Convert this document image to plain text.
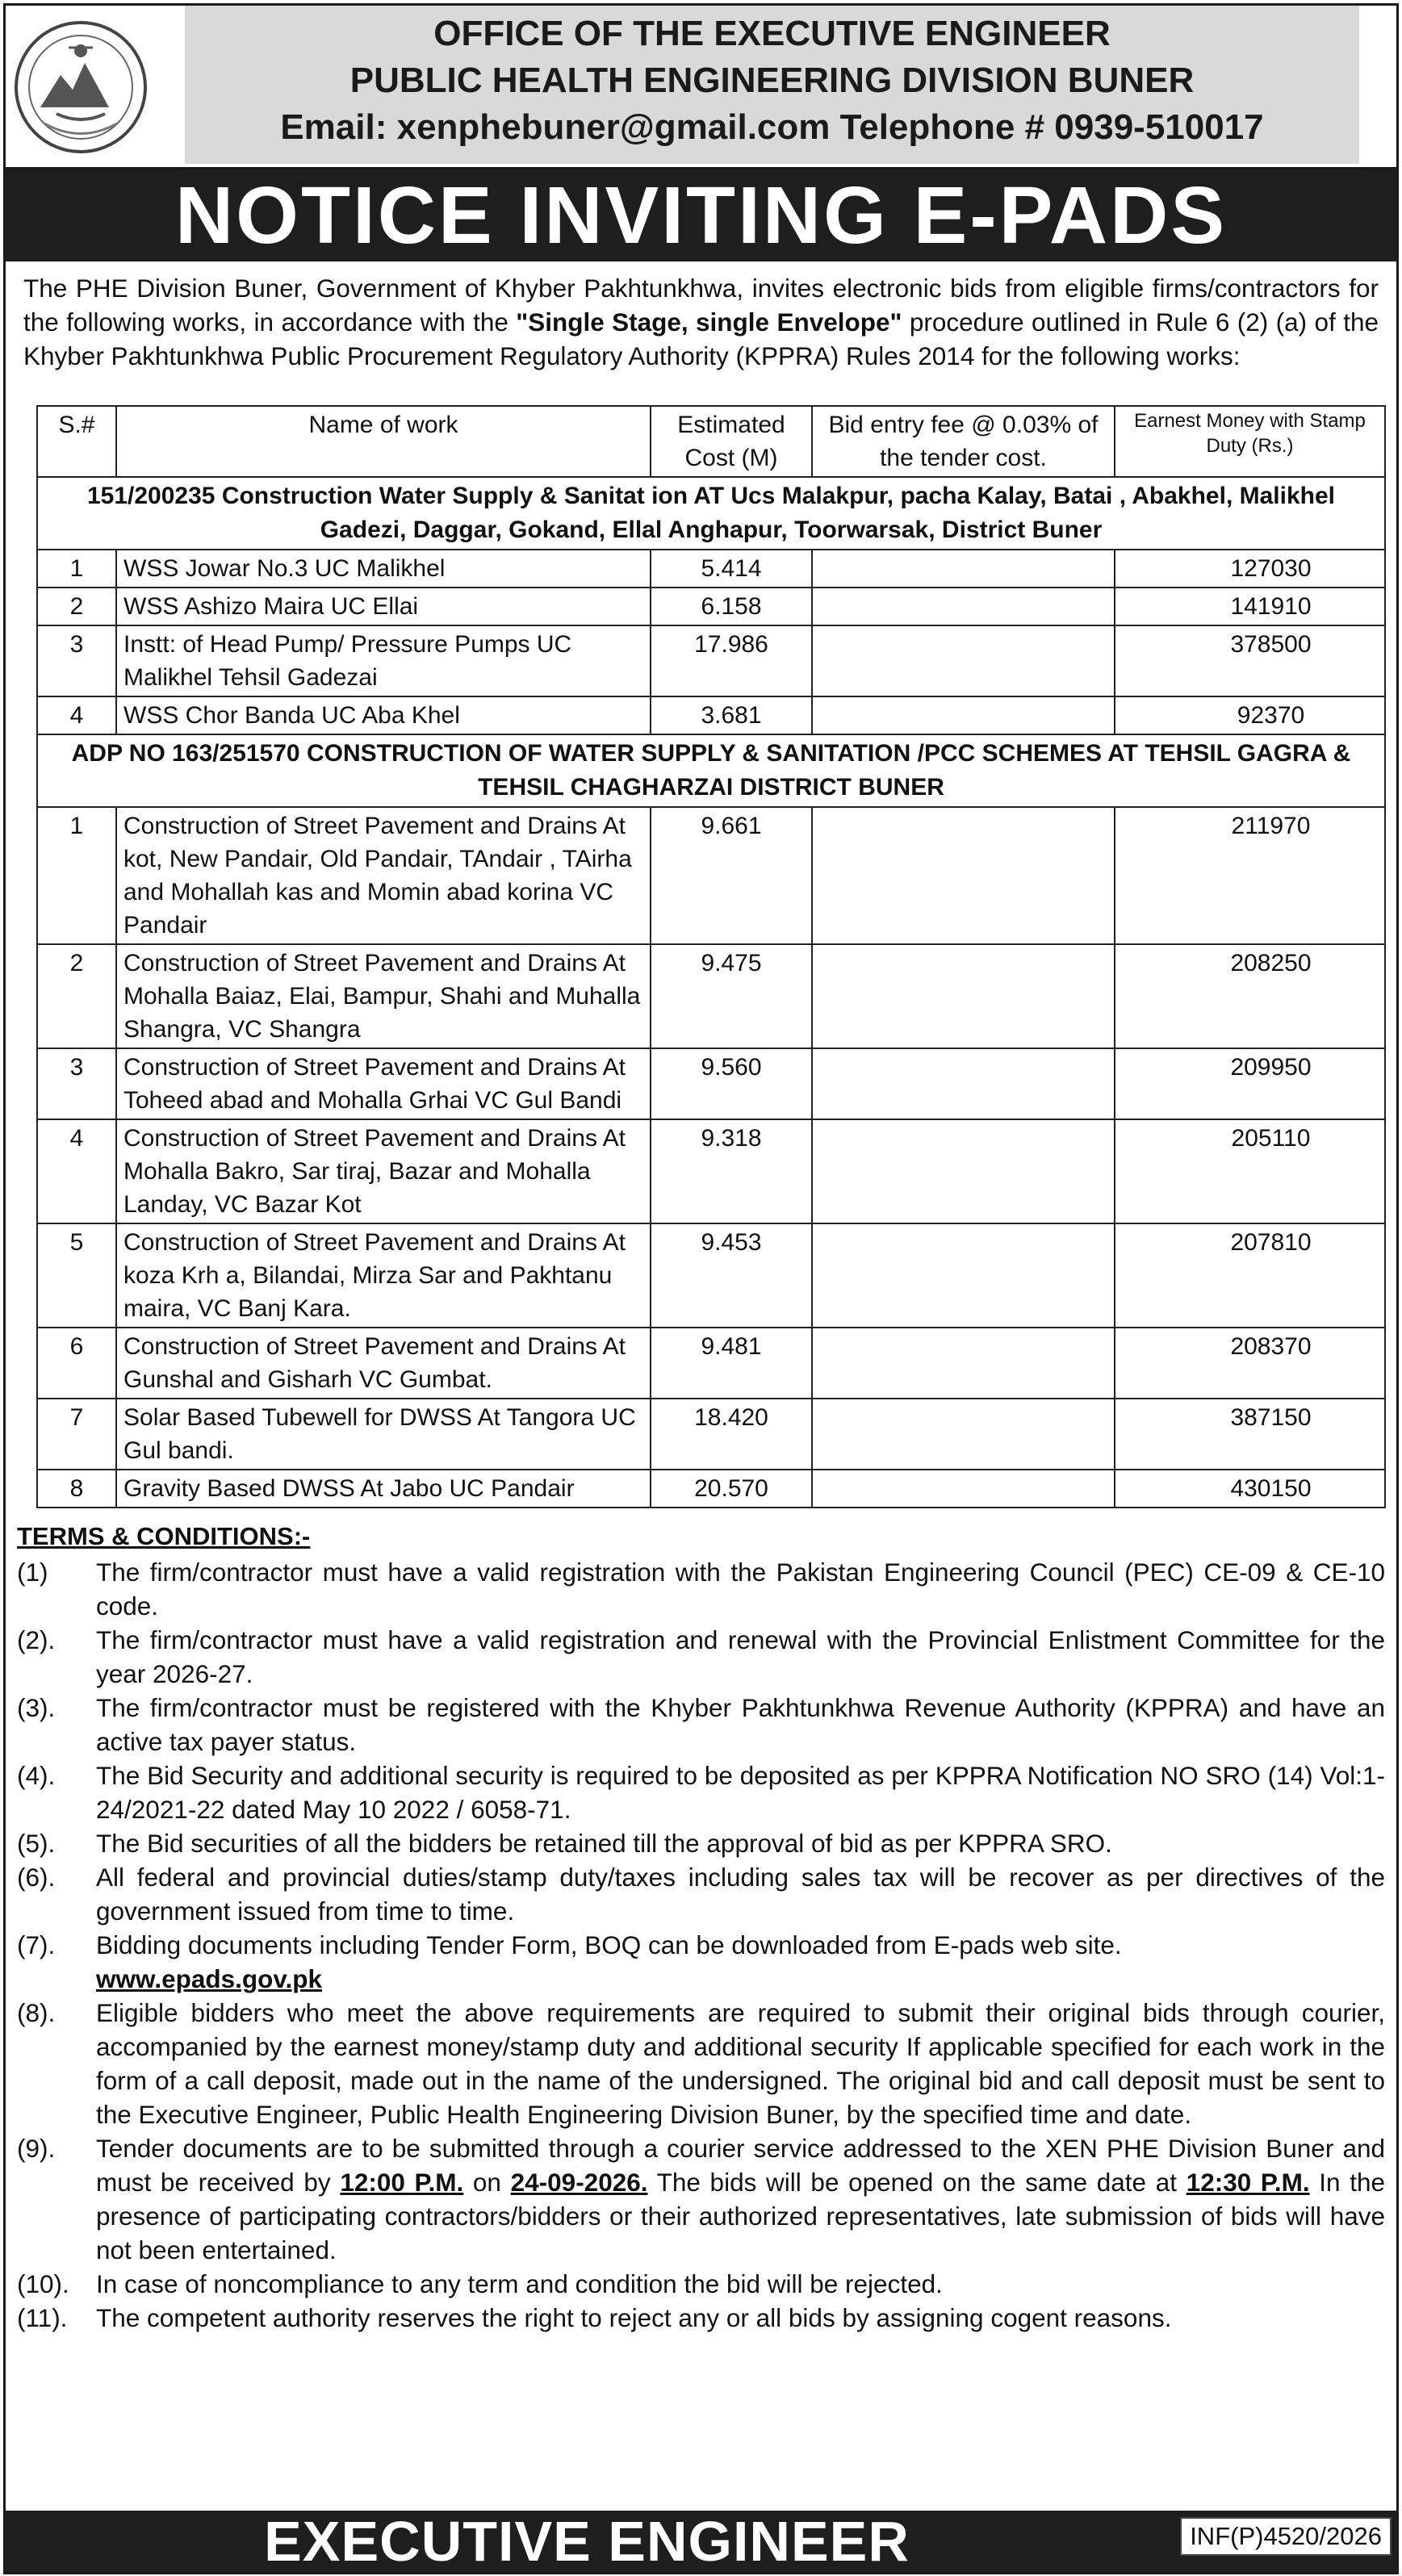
OFFICE OF THE EXECUTIVE ENGINEER
PUBLIC HEALTH ENGINEERING DIVISION BUNER
Email: xenphebuner@gmail.com Telephone # 0939-510017
NOTICE INVITING E-PADS
The PHE Division Buner, Government of Khyber Pakhtunkhwa, invites electronic bids from eligible firms/contractors for the following works, in accordance with the "Single Stage, single Envelope" procedure outlined in Rule 6 (2) (a) of the Khyber Pakhtunkhwa Public Procurement Regulatory Authority (KPPRA) Rules 2014 for the following works:
S.#	Name of work	Estimated Cost (M)	Bid entry fee @ 0.03% of the tender cost.	Earnest Money with Stamp Duty (Rs.)
151/200235 Construction Water Supply & Sanitat ion AT Ucs Malakpur, pacha Kalay, Batai , Abakhel, Malikhel Gadezi, Daggar, Gokand, Ellal Anghapur, Toorwarsak, District Buner				
1	WSS Jowar No.3 UC Malikhel	5.414		127030
2	WSS Ashizo Maira UC Ellai	6.158		141910
3	Instt: of Head Pump/ Pressure Pumps UC Malikhel Tehsil Gadezai	17.986		378500
4	WSS Chor Banda UC Aba Khel	3.681		92370
ADP NO 163/251570 CONSTRUCTION OF WATER SUPPLY & SANITATION /PCC SCHEMES AT TEHSIL GAGRA & TEHSIL CHAGHARZAI DISTRICT BUNER				
1	Construction of Street Pavement and Drains At kot, New Pandair, Old Pandair, TAndair , TAirha and Mohallah kas and Momin abad korina VC Pandair	9.661		211970
2	Construction of Street Pavement and Drains At Mohalla Baiaz, Elai, Bampur, Shahi and Muhalla Shangra, VC Shangra	9.475		208250
3	Construction of Street Pavement and Drains At Toheed abad and Mohalla Grhai VC Gul Bandi	9.560		209950
4	Construction of Street Pavement and Drains At Mohalla Bakro, Sar tiraj, Bazar and Mohalla Landay, VC Bazar Kot	9.318		205110
5	Construction of Street Pavement and Drains At koza Krh a, Bilandai, Mirza Sar and Pakhtanu maira, VC Banj Kara.	9.453		207810
6	Construction of Street Pavement and Drains At Gunshal and Gisharh VC Gumbat.	9.481		208370
7	Solar Based Tubewell for DWSS At Tangora UC Gul bandi.	18.420		387150
8	Gravity Based DWSS At Jabo UC Pandair	20.570		430150
TERMS & CONDITIONS:-
(1)	The firm/contractor must have a valid registration with the Pakistan Engineering Council (PEC) CE-09 & CE-10 code.
(2).	The firm/contractor must have a valid registration and renewal with the Provincial Enlistment Committee for the year 2026-27.
(3).	The firm/contractor must be registered with the Khyber Pakhtunkhwa Revenue Authority (KPPRA) and have an active tax payer status.
(4).	The Bid Security and additional security is required to be deposited as per KPPRA Notification NO SRO (14) Vol:1-24/2021-22 dated May 10 2022 / 6058-71.
(5).	The Bid securities of all the bidders be retained till the approval of bid as per KPPRA SRO.
(6).	All federal and provincial duties/stamp duty/taxes including sales tax will be recover as per directives of the government issued from time to time.
(7).	Bidding documents including Tender Form, BOQ can be downloaded from E-pads web site.
www.epads.gov.pk
(8).	Eligible bidders who meet the above requirements are required to submit their original bids through courier, accompanied by the earnest money/stamp duty and additional security If applicable specified for each work in the form of a call deposit, made out in the name of the undersigned. The original bid and call deposit must be sent to the Executive Engineer, Public Health Engineering Division Buner, by the specified time and date.
(9).	Tender documents are to be submitted through a courier service addressed to the XEN PHE Division Buner and must be received by 12:00 P.M. on 24-09-2026. The bids will be opened on the same date at 12:30 P.M. In the presence of participating contractors/bidders or their authorized representatives, late submission of bids will have not been entertained.
(10).	In case of noncompliance to any term and condition the bid will be rejected.
(11).	The competent authority reserves the right to reject any or all bids by assigning cogent reasons.
EXECUTIVE ENGINEER	INF(P)4520/2026
